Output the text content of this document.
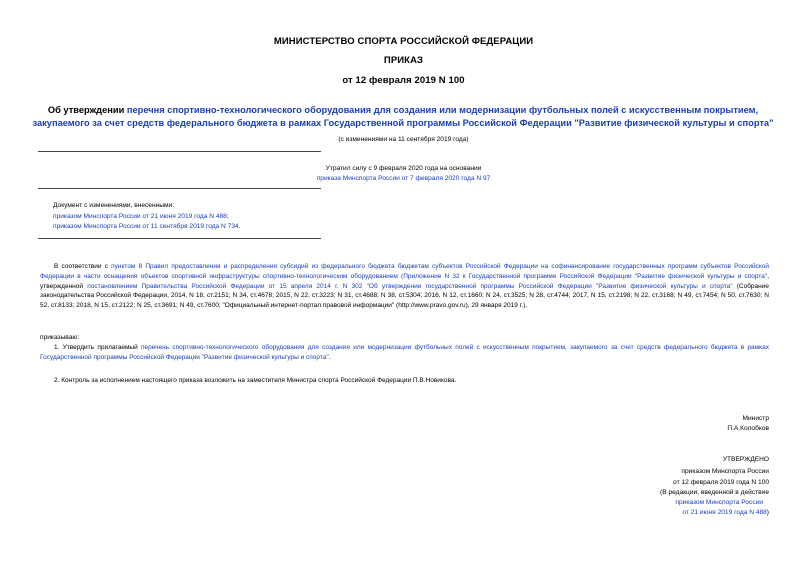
МИНИСТЕРСТВО СПОРТА РОССИЙСКОЙ ФЕДЕРАЦИИ
ПРИКАЗ
от 12 февраля 2019 N 100
Об утверждении перечня спортивно-технологического оборудования для создания или модернизации футбольных полей с искусственным покрытием,
закупаемого за счет средств федерального бюджета в рамках Государственной программы Российской Федерации "Развитие физической культуры и спорта"
(с изменениями на 11 сентября 2019 года)
Утратил силу с 9 февраля 2020 года на основании
приказа Минспорта России от 7 февраля 2020 года N 97
Документ с изменениями, внесенными:
приказом Минспорта России от 21 июня 2019 года N 488;
приказом Минспорта России от 11 сентября 2019 года N 734.
В соответствии с пунктом 8 Правил предоставления и распределения субсидий из федерального бюджета бюджетам субъектов Российской Федерации на софинансирование государственных программ субъектов Российской Федерации в части оснащения объектов спортивной инфраструктуры спортивно-технологическим оборудованием (Приложение N 32 к Государственной программе Российской Федерации "Развитие физической культуры и спорта", утвержденной постановлением Правительства Российской Федерации от 15 апреля 2014 г. N 302 "Об утверждении государственной программы Российской Федерации "Развитие физической культуры и спорта" (Собрание законодательства Российской Федерации, 2014, N 18, ст.2151; N 34, ст.4678; 2015, N 22, ст.3223; N 31, ст.4688; N 38, ст.5304; 2016, N 12, ст.1660; N 24, ст.3525; N 28, ст.4744; 2017, N 15, ст.2198; N 22, ст.3168; N 49, ст.7454; N 50, ст.7630; N 52, ст.8133; 2018, N 15, ст.2122; N 25, ст.3691; N 49, ст.7600; "Официальный интернет-портал правовой информации" (http://www.pravo.gov.ru), 29 января 2019 г.),
приказываю:
1. Утвердить прилагаемый перечень спортивно-технологического оборудования для создания или модернизации футбольных полей с искусственным покрытием, закупаемого за счет средств федерального бюджета в рамках Государственной программы Российской Федерации "Развитие физической культуры и спорта".
2. Контроль за исполнением настоящего приказа возложить на заместителя Министра спорта Российской Федерации П.В.Новикова.
Министр
П.А.Колобков
УТВЕРЖДЕНО
приказом Минспорта России
от 12 февраля 2019 года N 100
(В редакции, введенной в действие
приказом Минспорта России
от 21 июня 2019 года N 488)
